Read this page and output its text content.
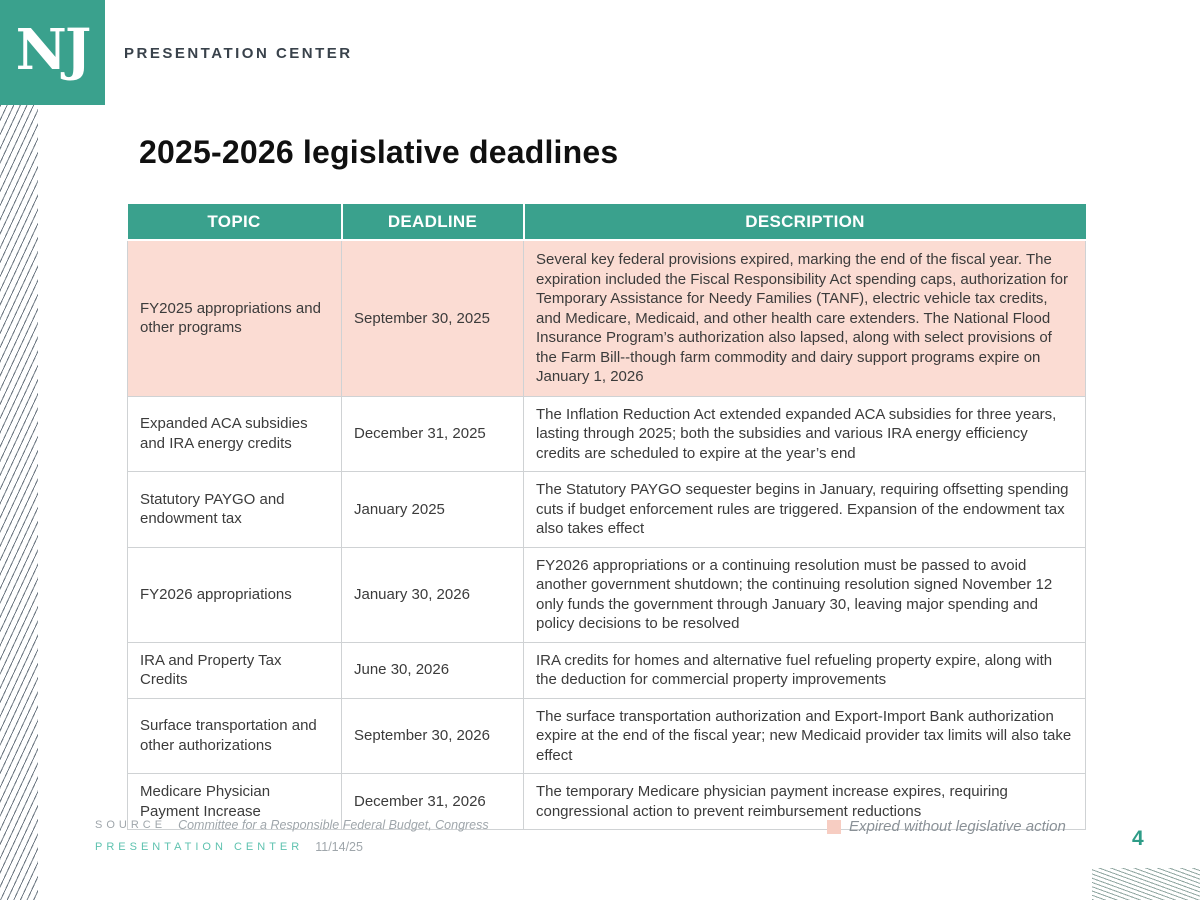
NJ PRESENTATION CENTER
2025-2026 legislative deadlines
TOPIC	DEADLINE	DESCRIPTION
FY2025 appropriations and other programs	September 30, 2025	Several key federal provisions expired, marking the end of the fiscal year. The expiration included the Fiscal Responsibility Act spending caps, authorization for Temporary Assistance for Needy Families (TANF), electric vehicle tax credits, and Medicare, Medicaid, and other health care extenders. The National Flood Insurance Program’s authorization also lapsed, along with select provisions of the Farm Bill--though farm commodity and dairy support programs expire on January 1, 2026
Expanded ACA subsidies and IRA energy credits	December 31, 2025	The Inflation Reduction Act extended expanded ACA subsidies for three years, lasting through 2025; both the subsidies and various IRA energy efficiency credits are scheduled to expire at the year’s end
Statutory PAYGO and endowment tax	January 2025	The Statutory PAYGO sequester begins in January, requiring offsetting spending cuts if budget enforcement rules are triggered. Expansion of the endowment tax also takes effect
FY2026 appropriations	January 30, 2026	FY2026 appropriations or a continuing resolution must be passed to avoid another government shutdown; the continuing resolution signed November 12 only funds the government through January 30, leaving major spending and policy decisions to be resolved
IRA and Property Tax Credits	June 30, 2026	IRA credits for homes and alternative fuel refueling property expire, along with the deduction for commercial property improvements
Surface transportation and other authorizations	September 30, 2026	The surface transportation authorization and Export-Import Bank authorization expire at the end of the fiscal year; new Medicaid provider tax limits will also take effect
Medicare Physician Payment Increase	December 31, 2026	The temporary Medicare physician payment increase expires, requiring congressional action to prevent reimbursement reductions
Expired without legislative action
SOURCE Committee for a Responsible Federal Budget, Congress
PRESENTATION CENTER 11/14/25	4
